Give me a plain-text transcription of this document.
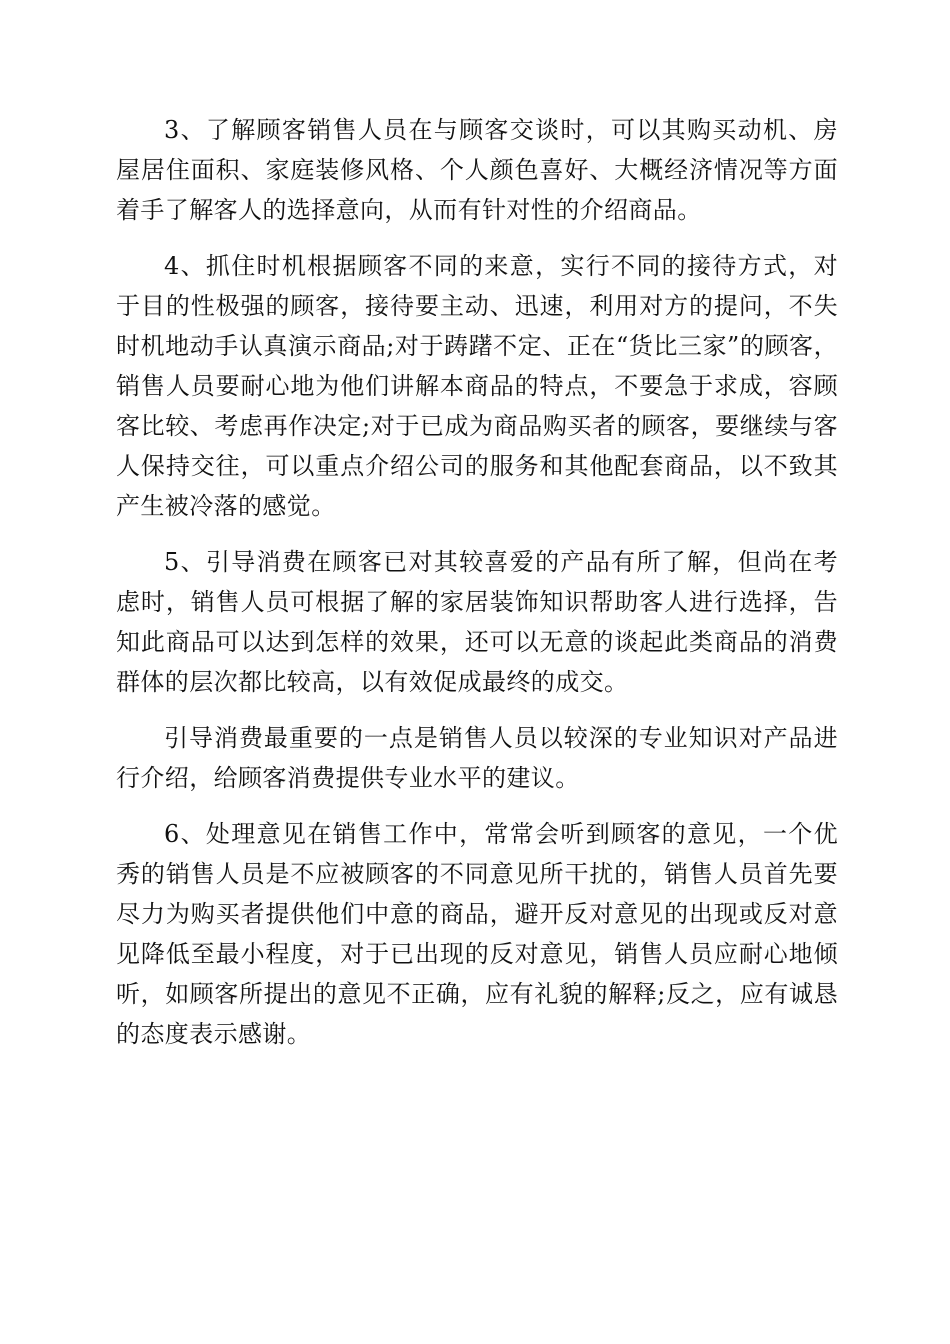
3、了解顾客销售人员在与顾客交谈时，可以其购买动机、房屋居住面积、家庭装修风格、个人颜色喜好、大概经济情况等方面着手了解客人的选择意向，从而有针对性的介绍商品。

4、抓住时机根据顾客不同的来意，实行不同的接待方式，对于目的性极强的顾客，接待要主动、迅速，利用对方的提问，不失时机地动手认真演示商品;对于踌躇不定、正在“货比三家”的顾客，销售人员要耐心地为他们讲解本商品的特点，不要急于求成，容顾客比较、考虑再作决定;对于已成为商品购买者的顾客，要继续与客人保持交往，可以重点介绍公司的服务和其他配套商品，以不致其产生被冷落的感觉。

5、引导消费在顾客已对其较喜爱的产品有所了解，但尚在考虑时，销售人员可根据了解的家居装饰知识帮助客人进行选择，告知此商品可以达到怎样的效果，还可以无意的谈起此类商品的消费群体的层次都比较高，以有效促成最终的成交。

引导消费最重要的一点是销售人员以较深的专业知识对产品进行介绍，给顾客消费提供专业水平的建议。

6、处理意见在销售工作中，常常会听到顾客的意见，一个优秀的销售人员是不应被顾客的不同意见所干扰的，销售人员首先要尽力为购买者提供他们中意的商品，避开反对意见的出现或反对意见降低至最小程度，对于已出现的反对意见，销售人员应耐心地倾听，如顾客所提出的意见不正确，应有礼貌的解释;反之，应有诚恳的态度表示感谢。
